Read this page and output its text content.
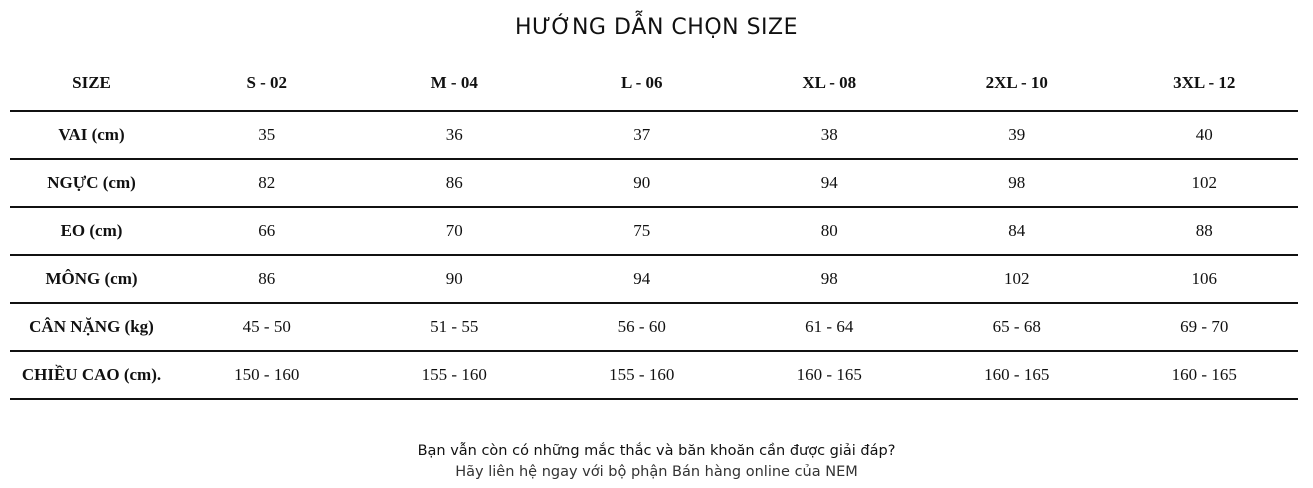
HƯỚNG DẪN CHỌN SIZE
SIZE	S - 02	M - 04	L - 06	XL - 08	2XL - 10	3XL - 12
VAI (cm)	35	36	37	38	39	40
NGỰC (cm)	82	86	90	94	98	102
EO (cm)	66	70	75	80	84	88
MÔNG (cm)	86	90	94	98	102	106
CÂN NẶNG (kg)	45 - 50	51 - 55	56 - 60	61 - 64	65 - 68	69 - 70
CHIỀU CAO (cm).	150 - 160	155 - 160	155 - 160	160 - 165	160 - 165	160 - 165
Bạn vẫn còn có những mắc thắc và băn khoăn cần được giải đáp?
Hãy liên hệ ngay với bộ phận Bán hàng online của NEM
